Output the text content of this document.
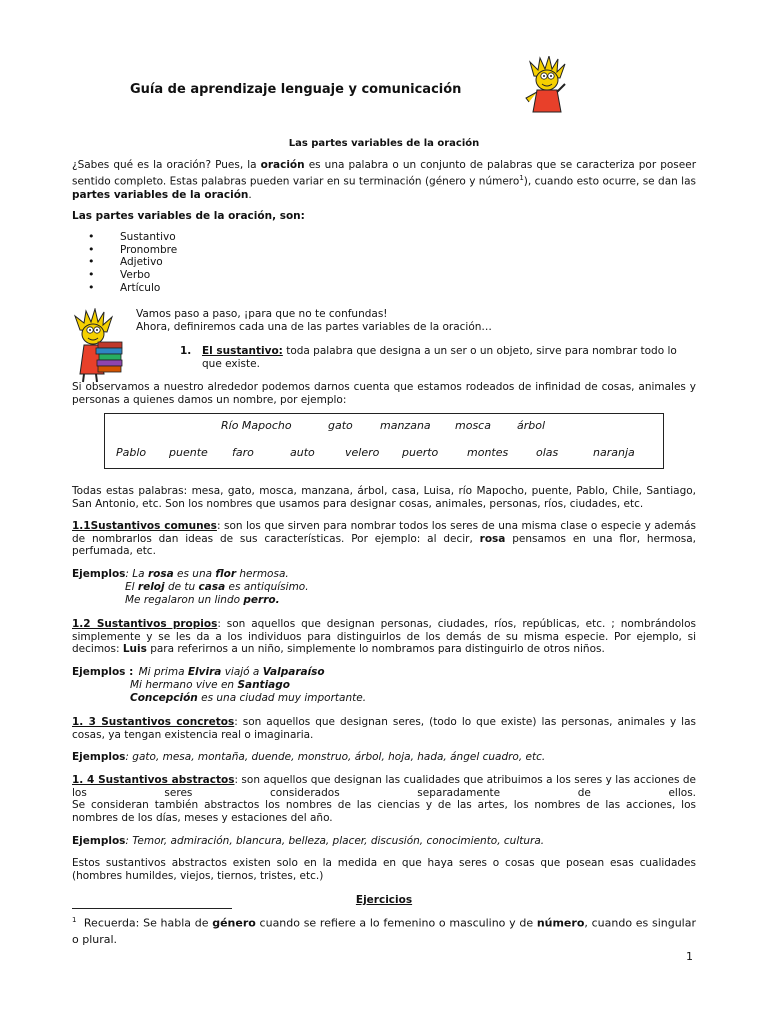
Guía de aprendizaje lenguaje y comunicación
Las partes variables de la oración
¿Sabes qué es la oración? Pues, la oración es una palabra o un conjunto de palabras que se caracteriza por poseer sentido completo. Estas palabras pueden variar en su terminación (género y número$^1$), cuando esto ocurre, se dan las partes variables de la oración.
Las partes variables de la oración, son:
• Sustantivo
• Pronombre
• Adjetivo
• Verbo
• Artículo
Vamos paso a paso, ¡para que no te confundas!
Ahora, definiremos cada una de las partes variables de la oración…
1. El sustantivo: toda palabra que designa a un ser o un objeto, sirve para nombrar todo lo que existe.
Si observamos a nuestro alrededor podemos darnos cuenta que estamos rodeados de infinidad de cosas, animales y personas a quienes damos un nombre, por ejemplo:
Río Mapocho	gato manzana mosca árbol
Pablo puente faro	auto	velero puerto	montes	olas	naranja
Todas estas palabras: mesa, gato, mosca, manzana, árbol, casa, Luisa, río Mapocho, puente, Pablo, Chile, Santiago, San Antonio, etc. Son los nombres que usamos para designar cosas, animales, personas, ríos, ciudades, etc.
1.1Sustantivos comunes: son los que sirven para nombrar todos los seres de una misma clase o especie y además de nombrarlos dan ideas de sus características. Por ejemplo: al decir, rosa pensamos en una flor, hermosa, perfumada, etc.
Ejemplos: La rosa es una flor hermosa.
El reloj de tu casa es antiquísimo.
Me regalaron un lindo perro.
1.2 Sustantivos propios: son aquellos que designan personas, ciudades, ríos, repúblicas, etc. ; nombrándolos simplemente y se les da a los individuos para distinguirlos de los demás de su misma especie. Por ejemplo, si decimos: Luis para referirnos a un niño, simplemente lo nombramos para distinguirlo de otros niños.
Ejemplos : Mi prima Elvira viajó a Valparaíso
Mi hermano vive en Santiago
Concepción es una ciudad muy importante.
1. 3 Sustantivos concretos: son aquellos que designan seres, (todo lo que existe) las personas, animales y las cosas, ya tengan existencia real o imaginaria.
Ejemplos: gato, mesa, montaña, duende, monstruo, árbol, hoja, hada, ángel cuadro, etc.
1. 4 Sustantivos abstractos: son aquellos que designan las cualidades que atribuimos a los seres y las acciones de los seres considerados separadamente de ellos.
Se consideran también abstractos los nombres de las ciencias y de las artes, los nombres de las acciones, los nombres de los días, meses y estaciones del año.
Ejemplos: Temor, admiración, blancura, belleza, placer, discusión, conocimiento, cultura.
Estos sustantivos abstractos existen solo en la medida en que haya seres o cosas que posean esas cualidades (hombres humildes, viejos, tiernos, tristes, etc.)
Ejercicios
$^1$ Recuerda: Se habla de género cuando se refiere a lo femenino o masculino y de número, cuando es singular o plural.
1
